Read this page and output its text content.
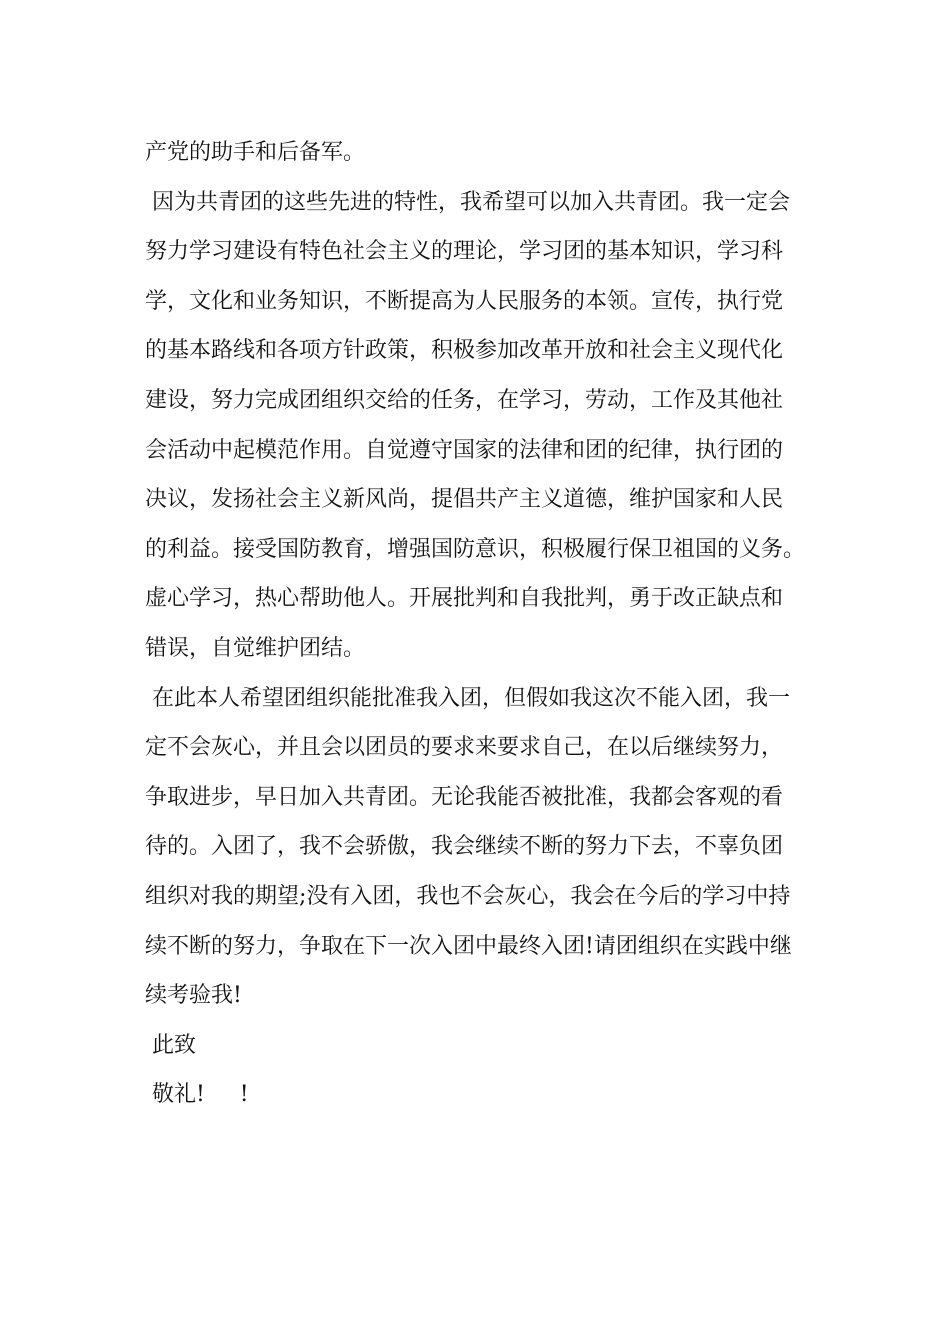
产党的助手和后备军。
因为共青团的这些先进的特性，我希望可以加入共青团。我一定会
努力学习建设有特色社会主义的理论，学习团的基本知识，学习科
学，文化和业务知识，不断提高为人民服务的本领。宣传，执行党
的基本路线和各项方针政策，积极参加改革开放和社会主义现代化
建设，努力完成团组织交给的任务，在学习，劳动，工作及其他社
会活动中起模范作用。自觉遵守国家的法律和团的纪律，执行团的
决议，发扬社会主义新风尚，提倡共产主义道德，维护国家和人民
的利益。接受国防教育，增强国防意识，积极履行保卫祖国的义务。
虚心学习，热心帮助他人。开展批判和自我批判，勇于改正缺点和
错误，自觉维护团结。
在此本人希望团组织能批准我入团，但假如我这次不能入团，我一
定不会灰心，并且会以团员的要求来要求自己，在以后继续努力，
争取进步，早日加入共青团。无论我能否被批准，我都会客观的看
待的。入团了，我不会骄傲，我会继续不断的努力下去，不辜负团
组织对我的期望;没有入团，我也不会灰心，我会在今后的学习中持
续不断的努力，争取在下一次入团中最终入团!请团组织在实践中继
续考验我!
此致
敬礼!     !
